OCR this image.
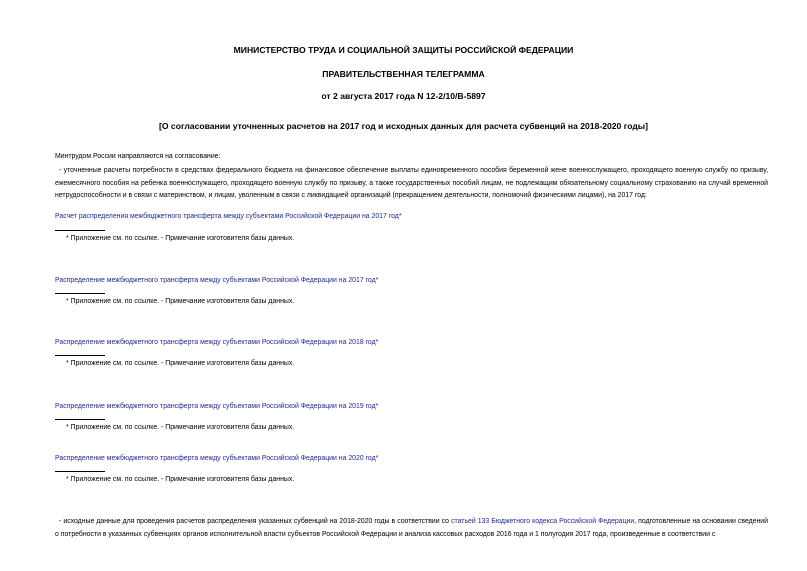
МИНИСТЕРСТВО ТРУДА И СОЦИАЛЬНОЙ ЗАЩИТЫ РОССИЙСКОЙ ФЕДЕРАЦИИ
ПРАВИТЕЛЬСТВЕННАЯ ТЕЛЕГРАММА
от 2 августа 2017 года N 12-2/10/В-5897
[О согласовании уточненных расчетов на 2017 год и исходных данных для расчета субвенций на 2018-2020 годы]
Минтрудом России направляются на согласование:
- уточненные расчеты потребности в средствах федерального бюджета на финансовое обеспечение выплаты единовременного пособия беременной жене военнослужащего, проходящего военную службу по призыву, ежемесячного пособия на ребенка военнослужащего, проходящего военную службу по призыву, а также государственных пособий лицам, не подлежащим обязательному социальному страхованию на случай временной нетрудоспособности и в связи с материнством, и лицам, уволенным в связи с ликвидацией организаций (прекращением деятельности, полномочий физическими лицами), на 2017 год:
Расчет распределения межбюджетного трансферта между субъектами Российской Федерации на 2017 год*
* Приложение см. по ссылке. - Примечание изготовителя базы данных.
Распределение межбюджетного трансферта между субъектами Российской Федерации на 2017 год*
* Приложение см. по ссылке. - Примечание изготовителя базы данных.
Распределение межбюджетного трансферта между субъектами Российской Федерации на 2018 год*
* Приложение см. по ссылке. - Примечание изготовителя базы данных.
Распределение межбюджетного трансферта между субъектами Российской Федерации на 2019 год*
* Приложение см. по ссылке. - Примечание изготовителя базы данных.
Распределение межбюджетного трансферта между субъектами Российской Федерации на 2020 год*
* Приложение см. по ссылке. - Примечание изготовителя базы данных.
- исходные данные для проведения расчетов распределения указанных субвенций на 2018-2020 годы в соответствии со статьей 133 Бюджетного кодекса Российской Федерации, подготовленные на основании сведений о потребности в указанных субвенциях органов исполнительной власти субъектов Российской Федерации и анализа кассовых расходов 2016 года и 1 полугодия 2017 года, произведенные в соответствии с
